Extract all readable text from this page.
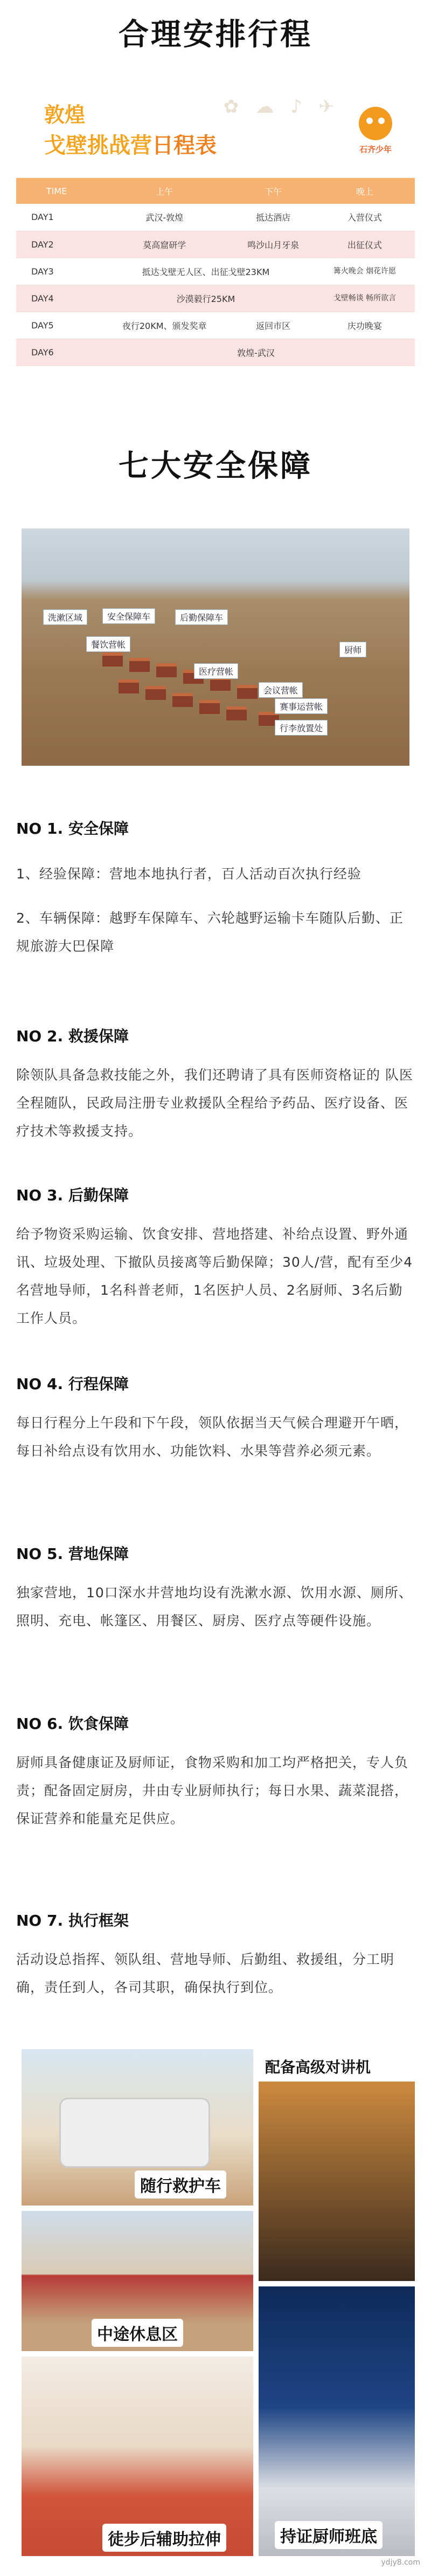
合理安排行程
敦煌
戈壁挑战营日程表
✿ ☁ ♪ ✈
石齐少年
TIME	上午	下午	晚上
DAY1	武汉-敦煌	抵达酒店	入营仪式
DAY2	莫高窟研学	鸣沙山月牙泉	出征仪式
DAY3	抵达戈壁无人区、出征戈壁23KM		篝火晚会 烟花许愿
DAY4	沙漠毅行25KM		戈壁畅谈 畅所欲言
DAY5	夜行20KM、颁发奖章	返回市区	庆功晚宴
DAY6	敦煌-武汉		
七大安全保障
洗漱区域	安全保障车	后勤保障车
餐饮营帐
医疗营帐
厨师
会议营帐
赛事运营帐
行李放置处
NO 1. 安全保障
1、经验保障：营地本地执行者，百人活动百次执行经验
2、车辆保障：越野车保障车、六轮越野运输卡车随队后勤、正规旅游大巴保障
NO 2. 救援保障
除领队具备急救技能之外，我们还聘请了具有医师资格证的 队医全程随队，民政局注册专业救援队全程给予药品、医疗设备、医疗技术等救援支持。
NO 3. 后勤保障
给予物资采购运输、饮食安排、营地搭建、补给点设置、野外通讯、垃圾处理、下撤队员接离等后勤保障；30人/营，配有至少4名营地导师，1名科普老师，1名医护人员、2名厨师、3名后勤工作人员。
NO 4. 行程保障
每日行程分上午段和下午段，领队依据当天气候合理避开午晒，每日补给点设有饮用水、功能饮料、水果等营养必须元素。
NO 5. 营地保障
独家营地，10口深水井营地均设有洗漱水源、饮用水源、厕所、照明、充电、帐篷区、用餐区、厨房、医疗点等硬件设施。
NO 6. 饮食保障
厨师具备健康证及厨师证，食物采购和加工均严格把关，专人负责；配备固定厨房，井由专业厨师执行；每日水果、蔬菜混搭，保证营养和能量充足供应。
NO 7. 执行框架
活动设总指挥、领队组、营地导师、后勤组、救援组，分工明确，责任到人，各司其职，确保执行到位。
随行救护车
配备高级对讲机
中途休息区
持证厨师班底
徒步后辅助拉伸
ydjy8.com
